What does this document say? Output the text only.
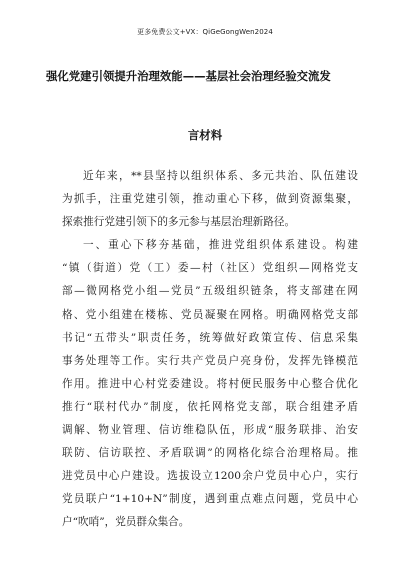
更多免费公文+VX：QiGeGongWen2024
强化党建引领提升治理效能——基层社会治理经验交流发
言材料
近年来，**县坚持以组织体系、多元共治、队伍建设
为抓手，注重党建引领，推动重心下移，做到资源集聚，
探索推行党建引领下的多元参与基层治理新路径。
一、重心下移夯基础，推进党组织体系建设。构建
“镇（街道）党（工）委—村（社区）党组织—网格党支
部—微网格党小组—党员”五级组织链条，将支部建在网
格、党小组建在楼栋、党员凝聚在网格。明确网格党支部
书记“五带头”职责任务，统筹做好政策宣传、信息采集
事务处理等工作。实行共产党员户亮身份，发挥先锋模范
作用。推进中心村党委建设。将村便民服务中心整合优化
推行“联村代办”制度，依托网格党支部，联合组建矛盾
调解、物业管理、信访维稳队伍，形成“服务联排、治安
联防、信访联控、矛盾联调”的网格化综合治理格局。推
进党员中心户建设。选拔设立1200余户党员中心户，实行
党员联户“1+10+N”制度，遇到重点难点问题，党员中心
户“吹哨”，党员群众集合。
